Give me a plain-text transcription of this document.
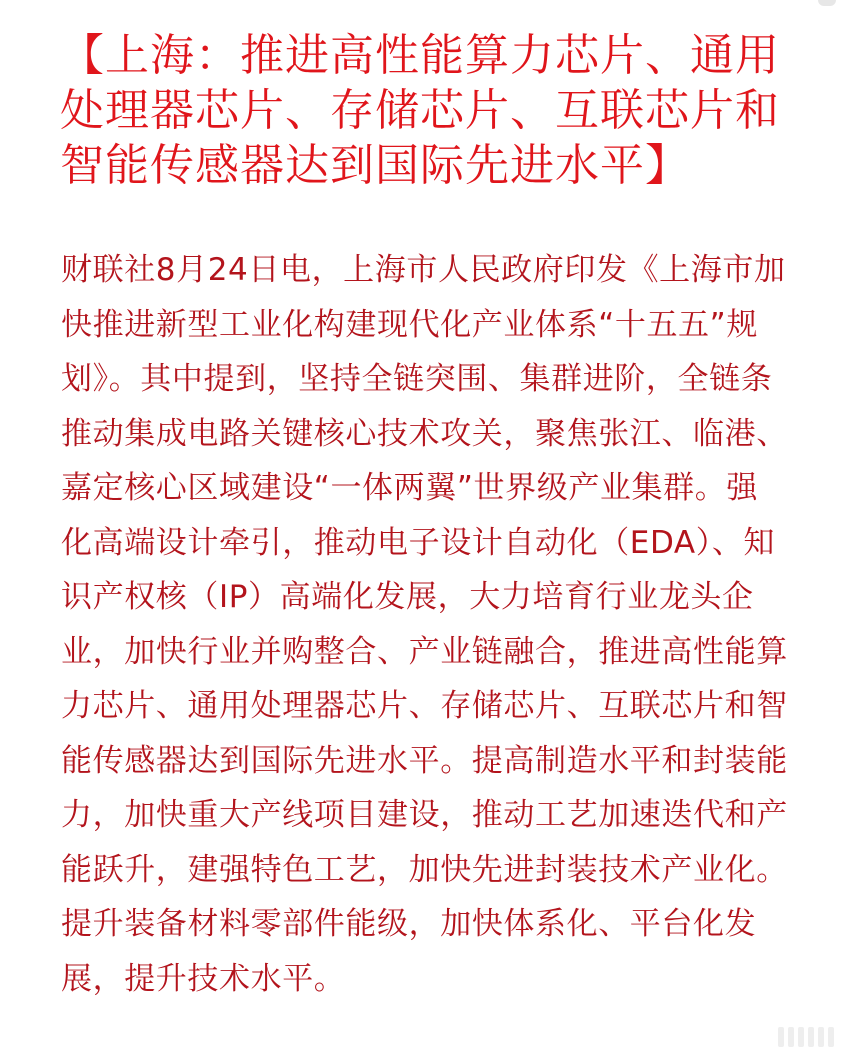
【上海：推进高性能算力芯片、通用处理器芯片、存储芯片、互联芯片和智能传感器达到国际先进水平】

财联社8月24日电，上海市人民政府印发《上海市加快推进新型工业化构建现代化产业体系“十五五”规划》。其中提到，坚持全链突围、集群进阶，全链条推动集成电路关键核心技术攻关，聚焦张江、临港、嘉定核心区域建设“一体两翼”世界级产业集群。强化高端设计牵引，推动电子设计自动化（EDA）、知识产权核（IP）高端化发展，大力培育行业龙头企业，加快行业并购整合、产业链融合，推进高性能算力芯片、通用处理器芯片、存储芯片、互联芯片和智能传感器达到国际先进水平。提高制造水平和封装能力，加快重大产线项目建设，推动工艺加速迭代和产能跃升，建强特色工艺，加快先进封装技术产业化。提升装备材料零部件能级，加快体系化、平台化发展，提升技术水平。
